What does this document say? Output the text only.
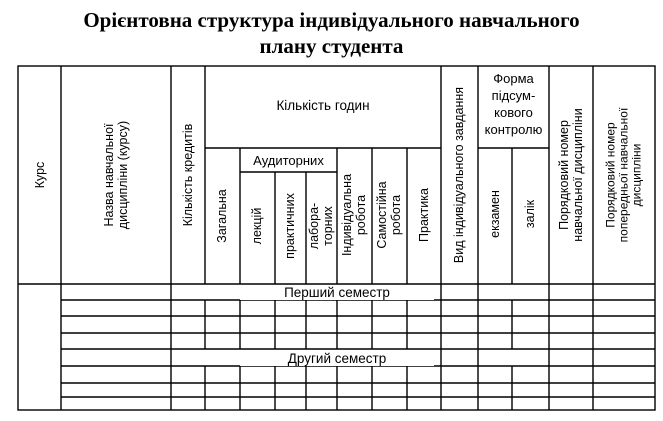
Орієнтовна структура індивідуального навчального
плану студента
Курс	Назва навчальної дисципліни (курсу)	Кількість кредитів
Кількість годин
Загальна
Аудиторних
лекцій практичних лабора-торних Індивідуальна робота Самостійна робота Практика Вид індивідуального завдання
Форма підсум-кового контролю
екзамен залік Порядковий номер навчальної дисципліни Порядковий номер попередньої навчальної дисципліни
Перший семестр
Другий семестр
